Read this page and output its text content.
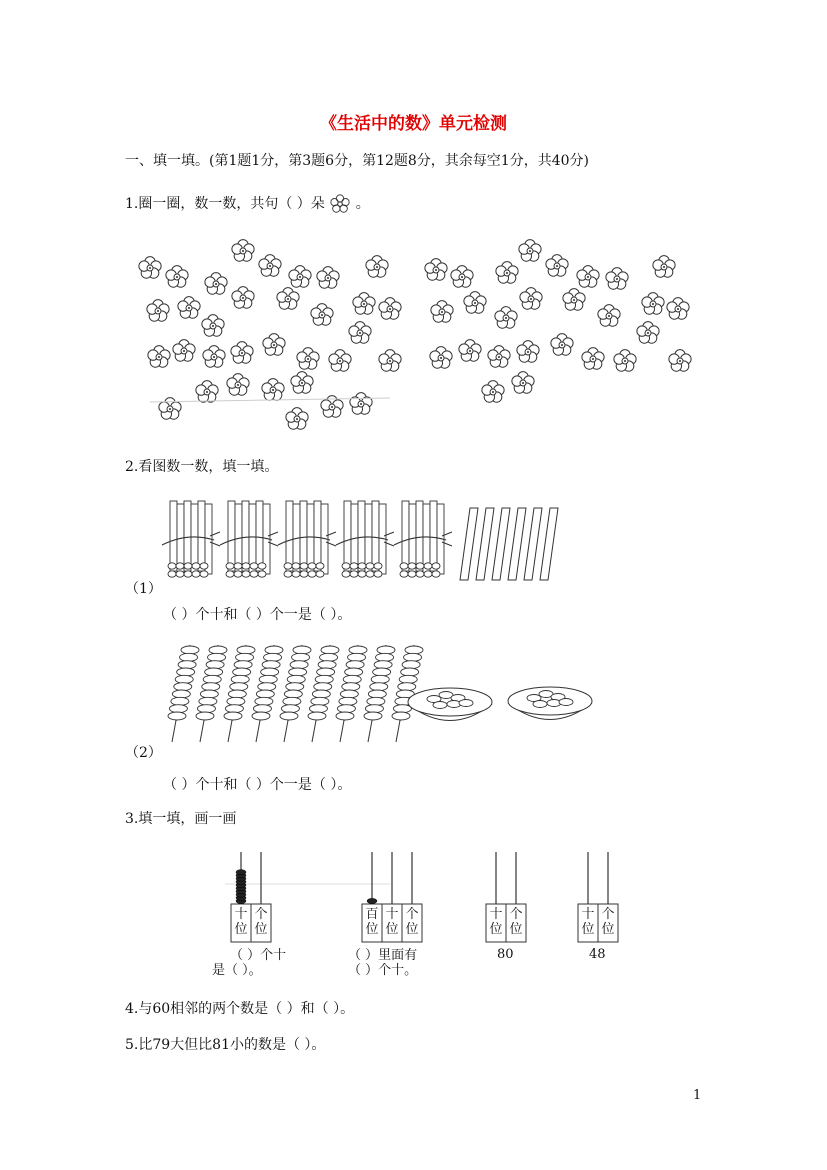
《生活中的数》单元检测
一、填一填。(第1题1分，第3题6分，第12题8分，其余每空1分，共40分)
1.圈一圈，数一数，共句（ ）朵 。
2.看图数一数，填一填。
（1）
（ ）个十和（ ）个一是（ ）。
（2）
（ ）个十和（ ）个一是（ ）。
3.填一填，画一画
十
位
个
位
百
位
十
位
个
位
十
位
个
位
十
位
个
位
（ ）个十
是（ ）。
（ ）里面有
（ ）个十。
80	48
4.与60相邻的两个数是（ ）和（ ）。
5.比79大但比81小的数是（ ）。
1
